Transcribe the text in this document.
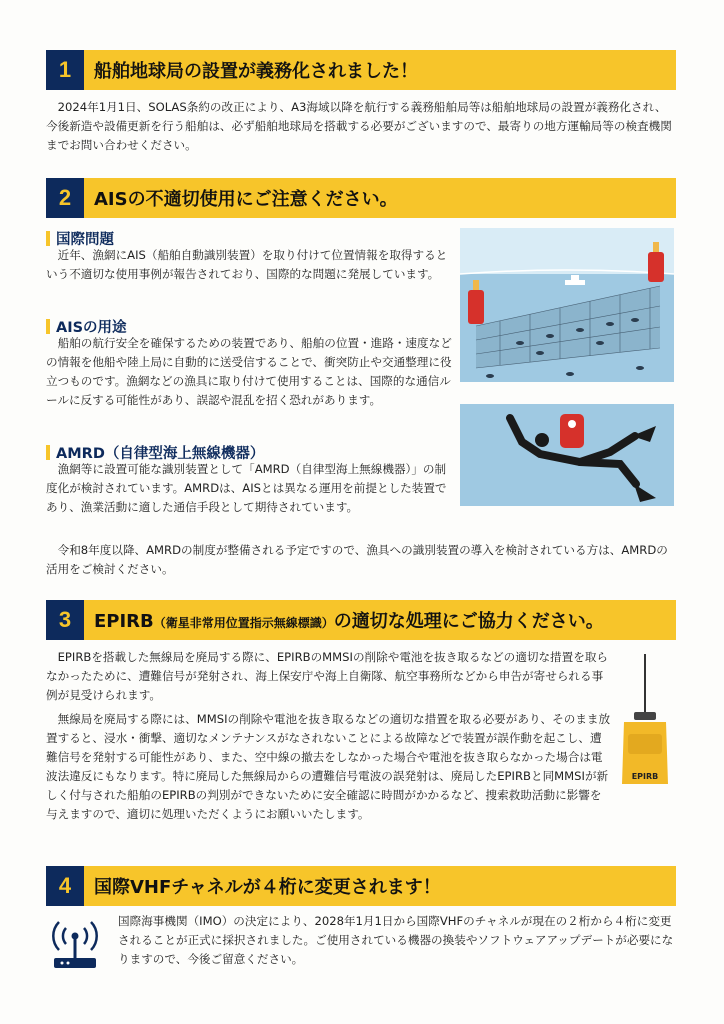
1	船舶地球局の設置が義務化されました！
　2024年1月1日、SOLAS条約の改正により、A3海域以降を航行する義務船舶局等は船舶地球局の設置が義務化され、今後新造や設備更新を行う船舶は、必ず船舶地球局を搭載する必要がございますので、最寄りの地方運輸局等の検査機関までお問い合わせください。
2	AISの不適切使用にご注意ください。
国際問題
　近年、漁網にAIS（船舶自動識別装置）を取り付けて位置情報を取得するという不適切な使用事例が報告されており、国際的な問題に発展しています。
AISの用途
　船舶の航行安全を確保するための装置であり、船舶の位置・進路・速度などの情報を他船や陸上局に自動的に送受信することで、衝突防止や交通整理に役立つものです。漁網などの漁具に取り付けて使用することは、国際的な通信ルールに反する可能性があり、誤認や混乱を招く恐れがあります。
AMRD（自律型海上無線機器）
　漁網等に設置可能な識別装置として「AMRD（自律型海上無線機器）」の制度化が検討されています。AMRDは、AISとは異なる運用を前提とした装置であり、漁業活動に適した通信手段として期待されています。
　令和8年度以降、AMRDの制度が整備される予定ですので、漁具への識別装置の導入を検討されている方は、AMRDの活用をご検討ください。
3	EPIRB（衛星非常用位置指示無線標識）の適切な処理にご協力ください。
　EPIRBを搭載した無線局を廃局する際に、EPIRBのMMSIの削除や電池を抜き取るなどの適切な措置を取らなかったために、遭難信号が発射され、海上保安庁や海上自衛隊、航空事務所などから申告が寄せられる事例が見受けられます。
　無線局を廃局する際には、MMSIの削除や電池を抜き取るなどの適切な措置を取る必要があり、そのまま放置すると、浸水・衝撃、適切なメンテナンスがなされないことによる故障などで装置が誤作動を起こし、遭難信号を発射する可能性があり、また、空中線の撤去をしなかった場合や電池を抜き取らなかった場合は電波法違反にもなります。特に廃局した無線局からの遭難信号電波の誤発射は、廃局したEPIRBと同MMSIが新しく付与された船舶のEPIRBの判別ができないために安全確認に時間がかかるなど、捜索救助活動に影響を与えますので、適切に処理いただくようにお願いいたします。
EPIRB
4	国際VHFチャネルが４桁に変更されます！
国際海事機関（IMO）の決定により、2028年1月1日から国際VHFのチャネルが現在の２桁から４桁に変更されることが正式に採択されました。ご使用されている機器の換装やソフトウェアアップデートが必要になりますので、今後ご留意ください。
